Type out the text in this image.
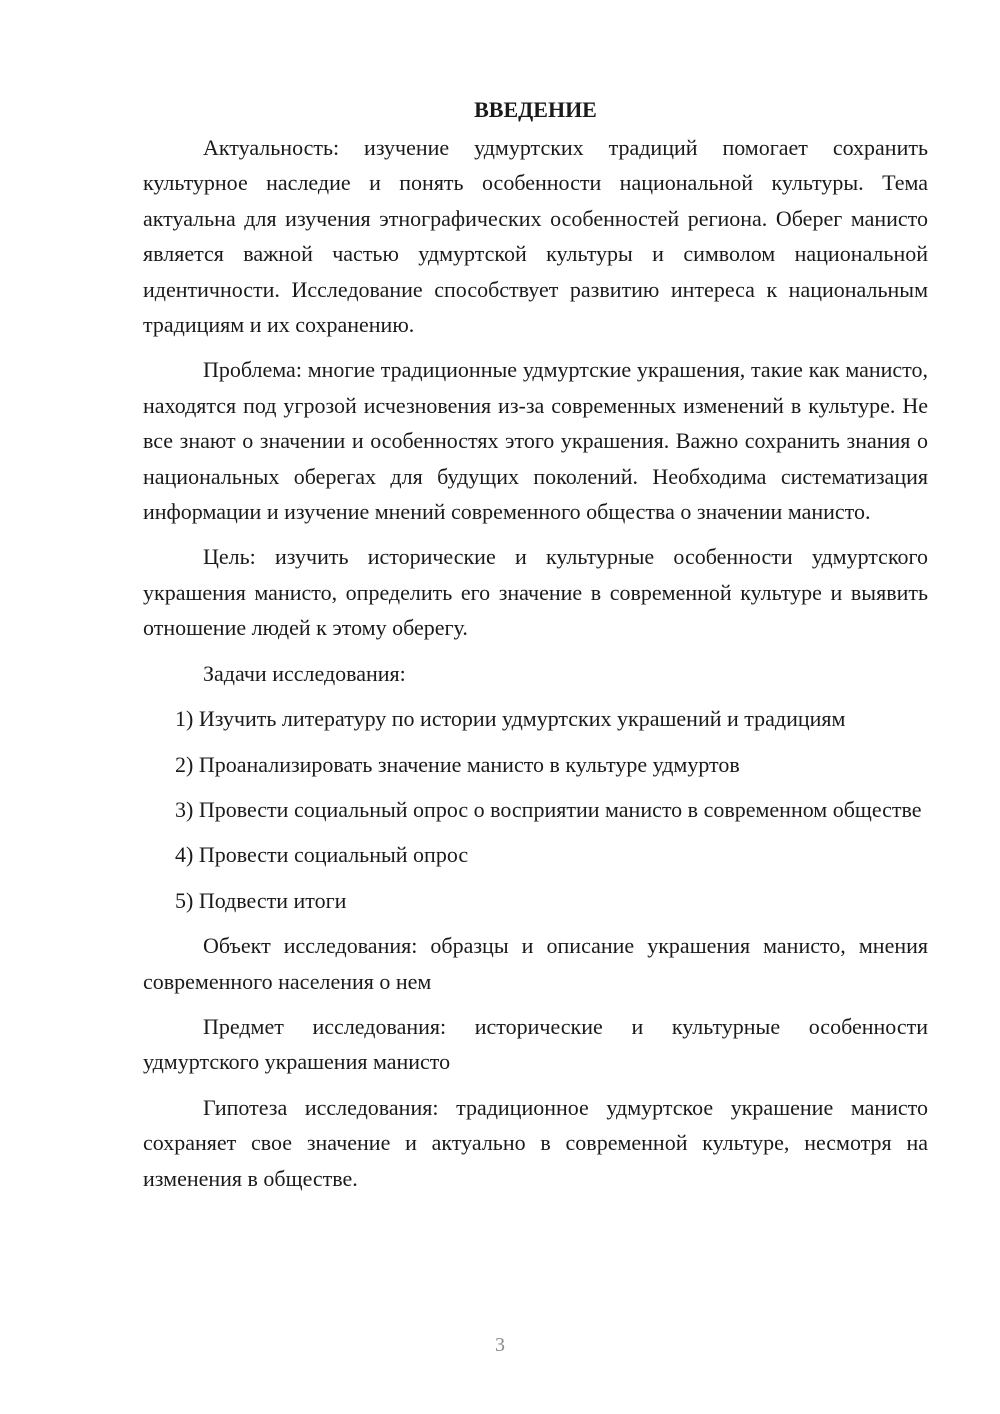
ВВЕДЕНИЕ

Актуальность: изучение удмуртских традиций помогает сохранить культурное наследие и понять особенности национальной культуры. Тема актуальна для изучения этнографических особенностей региона. Оберег манисто является важной частью удмуртской культуры и символом национальной идентичности. Исследование способствует развитию интереса к национальным традициям и их сохранению.

Проблема: многие традиционные удмуртские украшения, такие как манисто, находятся под угрозой исчезновения из-за современных изменений в культуре. Не все знают о значении и особенностях этого украшения. Важно сохранить знания о национальных оберегах для будущих поколений. Необходима систематизация информации и изучение мнений современного общества о значении манисто.

Цель: изучить исторические и культурные особенности удмуртского украшения манисто, определить его значение в современной культуре и выявить отношение людей к этому оберегу.

Задачи исследования:

1) Изучить литературу по истории удмуртских украшений и традициям

2) Проанализировать значение манисто в культуре удмуртов

3) Провести социальный опрос о восприятии манисто в современном обществе

4) Провести социальный опрос

5) Подвести итоги

Объект исследования: образцы и описание украшения манисто, мнения современного населения о нем

Предмет исследования: исторические и культурные особенности удмуртского украшения манисто

Гипотеза исследования: традиционное удмуртское украшение манисто сохраняет свое значение и актуально в современной культуре, несмотря на изменения в обществе.

3
